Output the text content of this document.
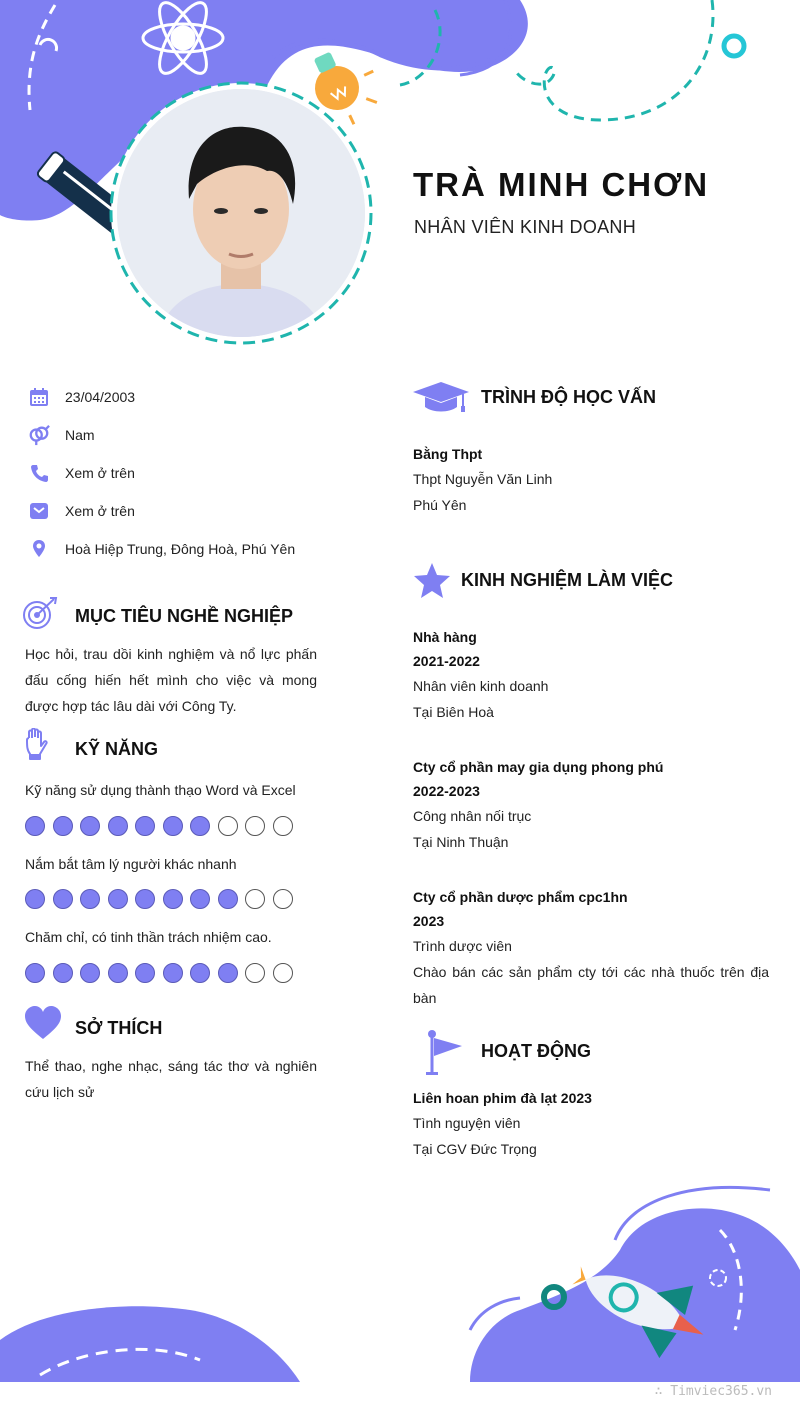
TRÀ MINH CHƠN
NHÂN VIÊN KINH DOANH
23/04/2003
Nam
Xem ở trên
Xem ở trên
Hoà Hiệp Trung, Đông Hoà, Phú Yên
MỤC TIÊU NGHỀ NGHIỆP
Học hỏi, trau dồi kinh nghiệm và nổ lực phấn đấu cống hiến hết mình cho việc và mong được hợp tác lâu dài với Công Ty.
KỸ NĂNG
Kỹ năng sử dụng thành thạo Word và Excel
Nắm bắt tâm lý người khác nhanh
Chăm chỉ, có tinh thần trách nhiệm cao.
SỞ THÍCH
Thể thao, nghe nhạc, sáng tác thơ và nghiên cứu lịch sử
TRÌNH ĐỘ HỌC VẤN
Bằng Thpt
Thpt Nguyễn Văn Linh
Phú Yên
KINH NGHIỆM LÀM VIỆC
Nhà hàng
2021-2022
Nhân viên kinh doanh
Tại Biên Hoà
Cty cổ phần may gia dụng phong phú
2022-2023
Công nhân nối trục
Tại Ninh Thuận
Cty cổ phần dược phẩm cpc1hn
2023
Trình dược viên
Chào bán các sản phẩm cty tới các nhà thuốc trên địa bàn
HOẠT ĐỘNG
Liên hoan phim đà lạt 2023
Tình nguyện viên
Tại CGV Đức Trọng
∴ Timviec365.vn
